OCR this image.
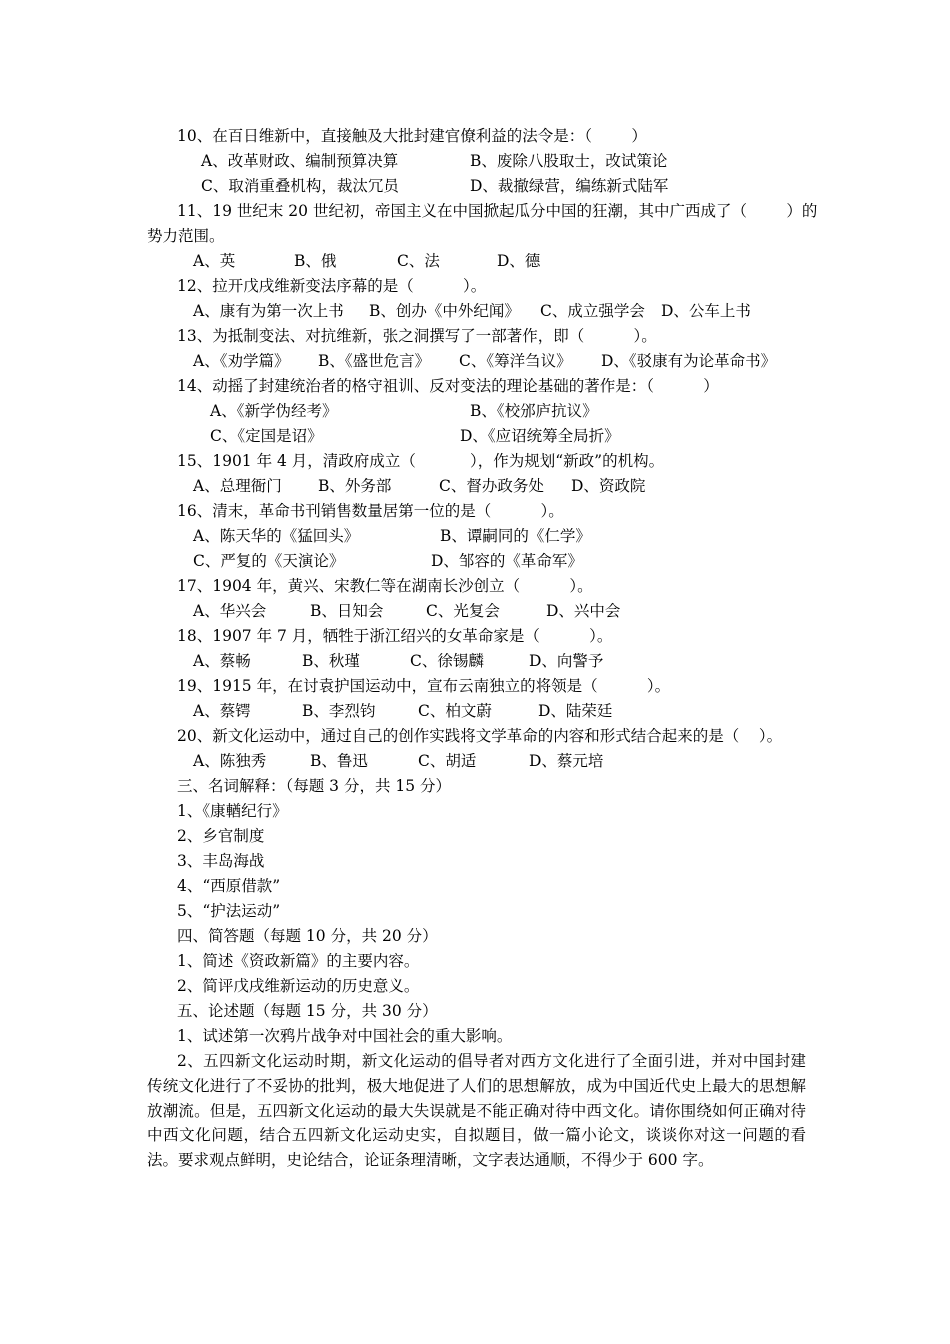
10、在百日维新中，直接触及大批封建官僚利益的法令是：（        ）
A、改革财政、编制预算决算	B、废除八股取士，改试策论
C、取消重叠机构，裁汰冗员	D、裁撤绿营，编练新式陆军
11、19 世纪末 20 世纪初，帝国主义在中国掀起瓜分中国的狂潮，其中广西成了（        ）的
势力范围。
A、英	B、俄	C、法	D、德
12、拉开戊戌维新变法序幕的是（          ）。
A、康有为第一次上书 B、创办《中外纪闻》 C、成立强学会 D、公车上书
13、为抵制变法、对抗维新，张之洞撰写了一部著作，即（          ）。
A、《劝学篇》 B、《盛世危言》 C、《筹洋刍议》 D、《驳康有为论革命书》
14、动摇了封建统治者的格守祖训、反对变法的理论基础的著作是：（          ）
A、《新学伪经考》	B、《校邠庐抗议》
C、《定国是诏》	D、《应诏统筹全局折》
15、1901 年 4 月，清政府成立（           ），作为规划“新政”的机构。
A、总理衙门 B、外务部	C、督办政务处 D、资政院
16、清末，革命书刊销售数量居第一位的是（          ）。
A、陈天华的《猛回头》	B、谭嗣同的《仁学》
C、严复的《天演论》	D、邹容的《革命军》
17、1904 年，黄兴、宋教仁等在湖南长沙创立（          ）。
A、华兴会	B、日知会	C、光复会	D、兴中会
18、1907 年 7 月，牺牲于浙江绍兴的女革命家是（          ）。
A、蔡畅	B、秋瑾	C、徐锡麟	D、向警予
19、1915 年，在讨袁护国运动中，宣布云南独立的将领是（          ）。
A、蔡锷	B、李烈钧	C、柏文蔚	D、陆荣廷
20、新文化运动中，通过自己的创作实践将文学革命的内容和形式结合起来的是（    ）。
A、陈独秀	B、鲁迅	C、胡适	D、蔡元培
三、名词解释：（每题 3 分，共 15 分）
1、《康輶纪行》
2、乡官制度
3、丰岛海战
4、“西原借款”
5、“护法运动”
四、简答题（每题 10 分，共 20 分）
1、简述《资政新篇》的主要内容。
2、简评戊戌维新运动的历史意义。
五、论述题（每题 15 分，共 30 分）
1、试述第一次鸦片战争对中国社会的重大影响。
2、五四新文化运动时期，新文化运动的倡导者对西方文化进行了全面引进，并对中国封建传统文化进行了不妥协的批判，极大地促进了人们的思想解放，成为中国近代史上最大的思想解放潮流。但是，五四新文化运动的最大失误就是不能正确对待中西文化。请你围绕如何正确对待中西文化问题，结合五四新文化运动史实，自拟题目，做一篇小论文，谈谈你对这一问题的看法。要求观点鲜明，史论结合，论证条理清晰，文字表达通顺，不得少于 600 字。
